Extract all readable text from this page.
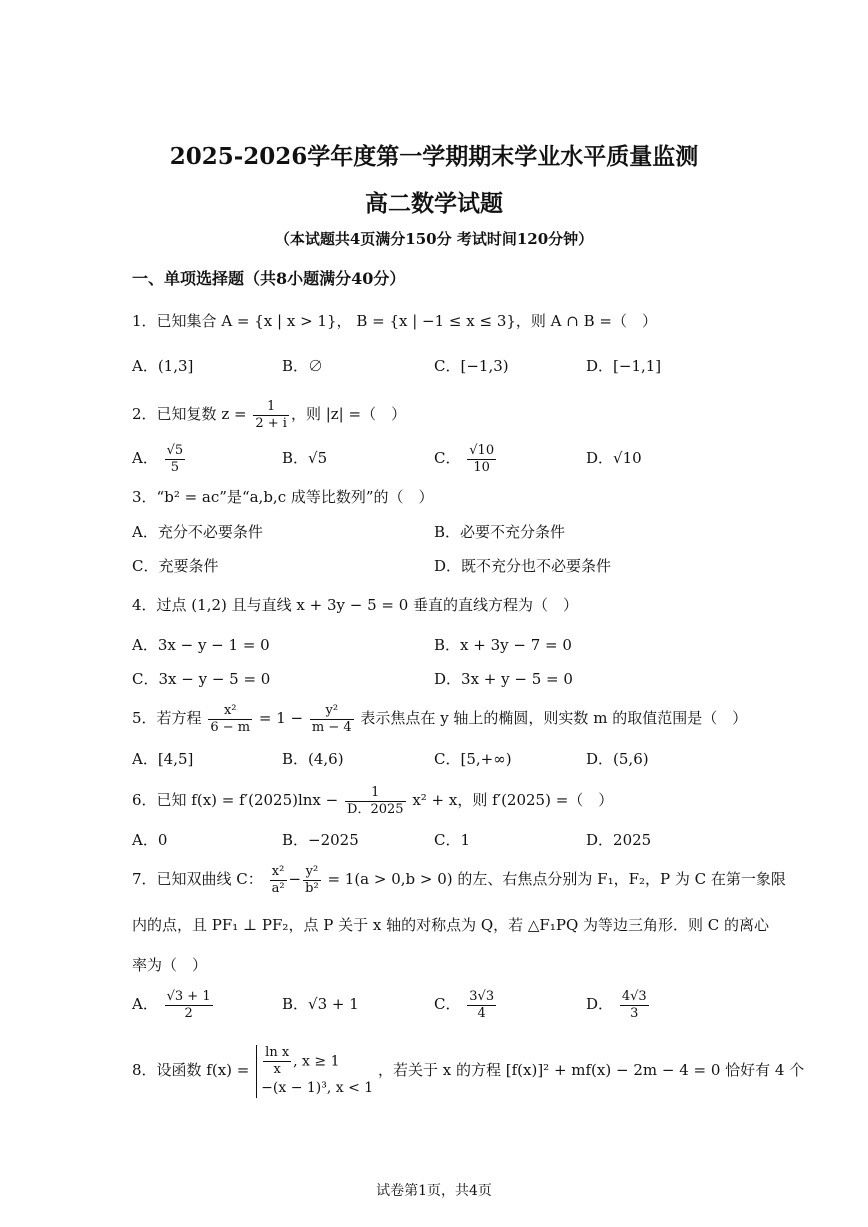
2025-2026学年度第一学期期末学业水平质量监测
高二数学试题
（本试题共4页满分150分 考试时间120分钟）
一、单项选择题（共8小题满分40分）
1．已知集合 A = {x | x > 1}， B = {x | −1 ≤ x ≤ 3}，则 A ∩ B =（　）
A．(1,3]	B．∅	C．[−1,3)	D．[−1,1]
2．已知复数 $z = \frac{1}{2 + i}$ ，则 |z| =（　）
A． $\frac{√5}{5}$	B．√5	C． $\frac{√10}{10}$	D．√10
3．“b² = ac”是“a,b,c 成等比数列”的（　）
A．充分不必要条件	B．必要不充分条件
C．充要条件	D．既不充分也不必要条件
4．过点 (1,2) 且与直线 x + 3y − 5 = 0 垂直的直线方程为（　）
A．3x − y − 1 = 0	B．x + 3y − 7 = 0
C．3x − y − 5 = 0	D．3x + y − 5 = 0
5．若方程 $\frac{\text{x²}}{6 - m} = 1 - \frac{\text{y²}}{m - 4}$ 表示焦点在 y 轴上的椭圆，则实数 m 的取值范围是（　）
A．[4,5]	B．(4,6)	C．[5,+∞)	D．(5,6)
6．已知 $f(x) = f'(2025)\ln x - \frac{1}{D.2025} x^2 + x$，则 f′(2025) =（　）
A．0	B．−2025	C．1	D．2025
7．已知双曲线 C： $\frac{\text{x²}}{\text{a²}} - \frac{\text{y²}}{\text{b²}} = 1(a > 0,b > 0)$ 的左、右焦点分别为 F₁，F₂，P 为 C 在第一象限
内的点，且 PF₁ ⊥ PF₂，点 P 关于 x 轴的对称点为 Q，若 △F₁PQ 为等边三角形．则 C 的离心
率为（　）
A． $\frac{√3 + 1}{2}$	B．√3 + 1	C． $\frac{3√3}{4}$	D． $\frac{4√3}{3}$
8．设函数 $f(x) = \frac{\text{ln x}}{x}$ , x ≥ 1
−(x − 1)³, x < 1
，若关于 x 的方程 [f(x)]² + mf(x) − 2m − 4 = 0 恰好有 4 个
试卷第1页，共4页
